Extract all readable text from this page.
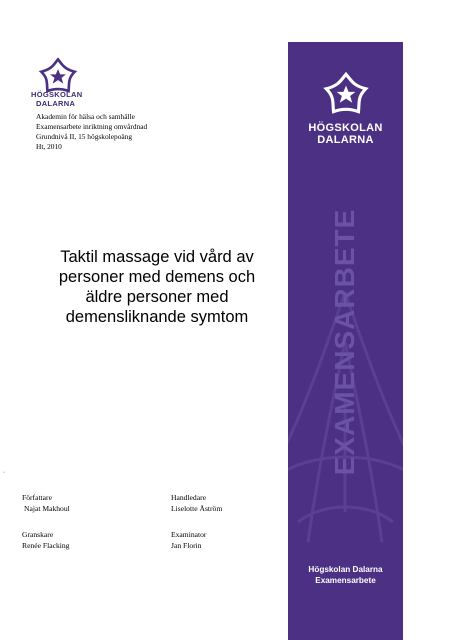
HÖGSKOLAN
DALARNA
Akademin för hälsa och samhälle
Examensarbete inriktning omvårdnad
Grundnivå II, 15 högskolepoäng
Ht, 2010
Taktil massage vid vård av
personer med demens och
äldre personer med
demensliknande symtom
·
Författare
Najat Makhoul
Handledare
Liselotte Åström
Granskare
Renée Flacking
Examinator
Jan Florin
HÖGSKOLAN
DALARNA
EXAMENSARBETE
Högskolan Dalarna
Examensarbete
